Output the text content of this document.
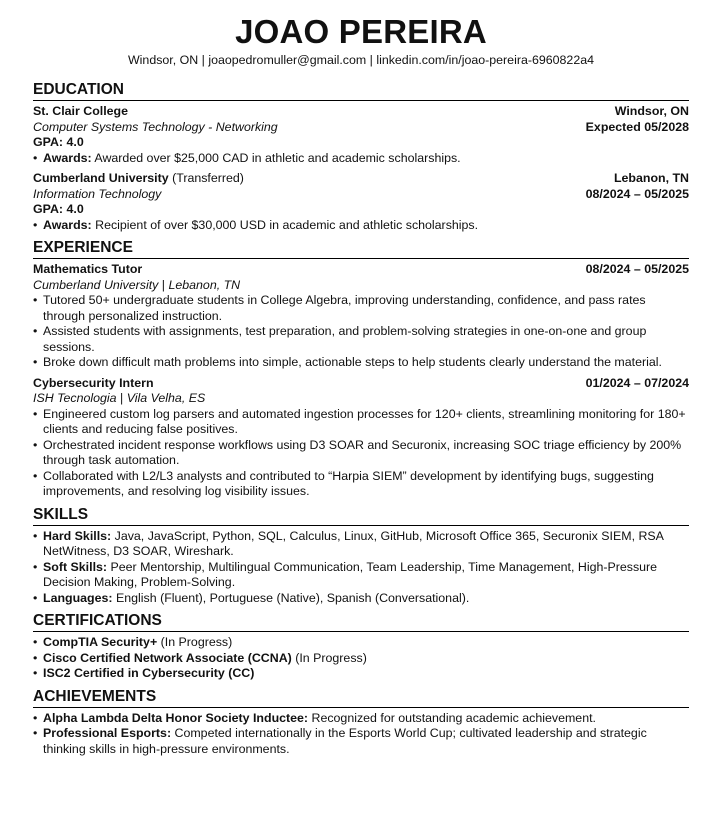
JOAO PEREIRA
Windsor, ON | joaopedromuller@gmail.com | linkedin.com/in/joao-pereira-6960822a4
EDUCATION
St. Clair College	Windsor, ON
Computer Systems Technology - Networking	Expected 05/2028
GPA: 4.0
• Awards: Awarded over $25,000 CAD in athletic and academic scholarships.
Cumberland University (Transferred)	Lebanon, TN
Information Technology	08/2024 – 05/2025
GPA: 4.0
• Awards: Recipient of over $30,000 USD in academic and athletic scholarships.
EXPERIENCE
Mathematics Tutor	08/2024 – 05/2025
Cumberland University | Lebanon, TN
• Tutored 50+ undergraduate students in College Algebra, improving understanding, confidence, and pass rates through personalized instruction.
• Assisted students with assignments, test preparation, and problem-solving strategies in one-on-one and group sessions.
• Broke down difficult math problems into simple, actionable steps to help students clearly understand the material.
Cybersecurity Intern	01/2024 – 07/2024
ISH Tecnologia | Vila Velha, ES
• Engineered custom log parsers and automated ingestion processes for 120+ clients, streamlining monitoring for 180+ clients and reducing false positives.
• Orchestrated incident response workflows using D3 SOAR and Securonix, increasing SOC triage efficiency by 200% through task automation.
• Collaborated with L2/L3 analysts and contributed to “Harpia SIEM” development by identifying bugs, suggesting improvements, and resolving log visibility issues.
SKILLS
• Hard Skills: Java, JavaScript, Python, SQL, Calculus, Linux, GitHub, Microsoft Office 365, Securonix SIEM, RSA NetWitness, D3 SOAR, Wireshark.
• Soft Skills: Peer Mentorship, Multilingual Communication, Team Leadership, Time Management, High-Pressure Decision Making, Problem-Solving.
• Languages: English (Fluent), Portuguese (Native), Spanish (Conversational).
CERTIFICATIONS
• CompTIA Security+ (In Progress)
• Cisco Certified Network Associate (CCNA) (In Progress)
• ISC2 Certified in Cybersecurity (CC)
ACHIEVEMENTS
• Alpha Lambda Delta Honor Society Inductee: Recognized for outstanding academic achievement.
• Professional Esports: Competed internationally in the Esports World Cup; cultivated leadership and strategic thinking skills in high-pressure environments.
